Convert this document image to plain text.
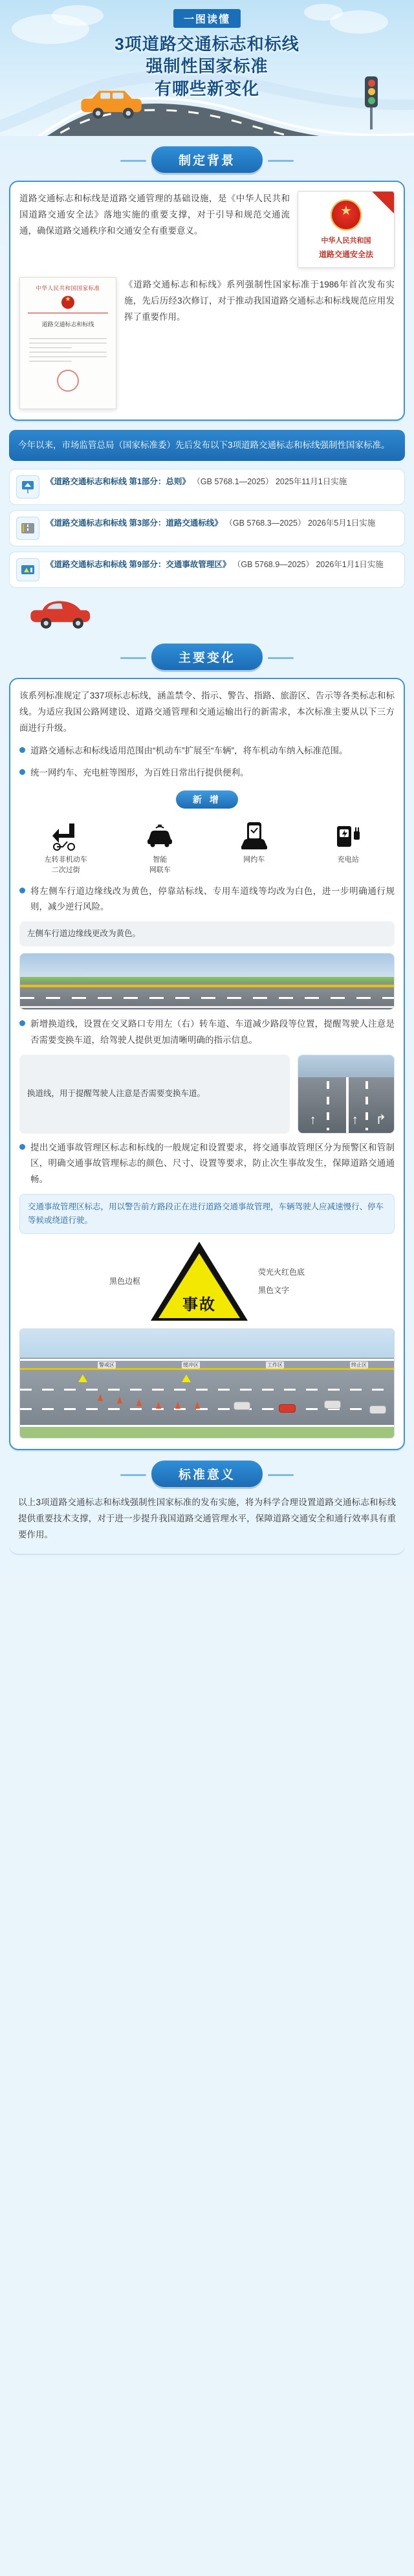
一图读懂
3项道路交通标志和标线
强制性国家标准
有哪些新变化
制定背景
道路交通标志和标线是道路交通管理的基础设施，是《中华人民共和国道路交通安全法》落地实施的重要支撑，对于引导和规范交通流通，确保道路交通秩序和交通安全有重要意义。
★
中华人民共和国
道路交通安全法
中华人民共和国国家标准
★
道路交通标志和标线
《道路交通标志和标线》系列强制性国家标准于1986年首次发布实施，先后历经3次修订，对于推动我国道路交通标志和标线规范应用发挥了重要作用。
今年以来，市场监管总局（国家标准委）先后发布以下3项道路交通标志和标线强制性国家标准。
《道路交通标志和标线 第1部分：总则》 （GB 5768.1—2025） 2025年11月1日实施
《道路交通标志和标线 第3部分：道路交通标线》 （GB 5768.3—2025） 2026年5月1日实施
《道路交通标志和标线 第9部分：交通事故管理区》 （GB 5768.9—2025） 2026年1月1日实施
主要变化
该系列标准规定了337项标志标线，涵盖禁令、指示、警告、指路、旅游区、告示等各类标志和标线。为适应我国公路网建设、道路交通管理和交通运输出行的新需求，本次标准主要从以下三方面进行升级。
道路交通标志和标线适用范围由“机动车”扩展至“车辆”，将车机动车纳入标准范围。
统一网约车、充电桩等图形，为百姓日常出行提供便利。
新 增
左转非机动车
二次过街
智能
网联车
网约车	充电站
将左侧车行道边缘线改为黄色，停靠站标线、专用车道线等均改为白色，进一步明确通行规则，减少逆行风险。
左侧车行道边缘线更改为黄色。
新增换道线，设置在交叉路口专用左（右）转车道、车道减少路段等位置，提醒驾驶人注意是否需要变换车道，给驾驶人提供更加清晰明确的指示信息。
换道线，用于提醒驾驶人注意是否需要变换车道。
↑	↑ ↱
提出交通事故管理区标志和标线的一般规定和设置要求，将交通事故管理区分为预警区和管制区，明确交通事故管理标志的颜色、尺寸、设置等要求，防止次生事故发生，保障道路交通通畅。
交通事故管理区标志，用以警告前方路段正在进行道路交通事故管理，车辆驾驶人应减速慢行、停车等候或绕道行驶。
黑色边框
事故
荧光火红色底
黑色文字
警戒区	缓冲区	工作区	终止区
标准意义
以上3项道路交通标志和标线强制性国家标准的发布实施，将为科学合理设置道路交通标志和标线提供重要技术支撑，对于进一步提升我国道路交通管理水平，保障道路交通安全和通行效率具有重要作用。
